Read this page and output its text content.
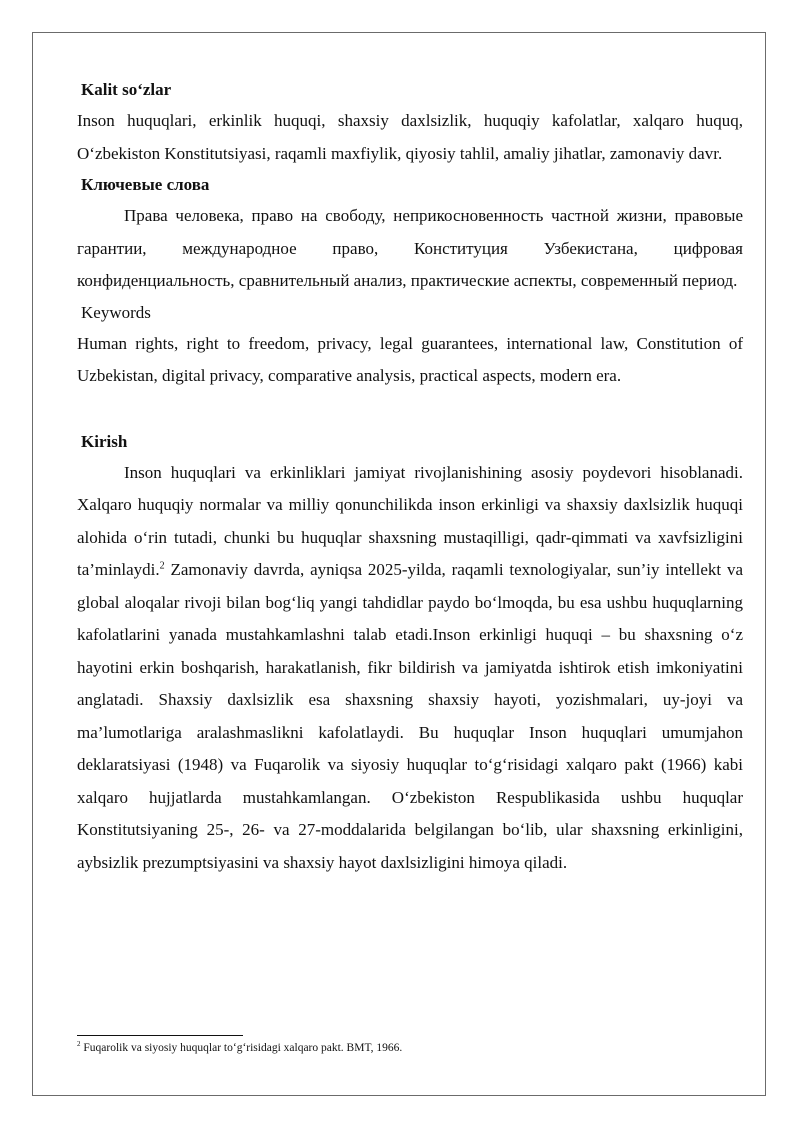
Kalit so‘zlar

Inson huquqlari, erkinlik huquqi, shaxsiy daxlsizlik, huquqiy kafolatlar, xalqaro huquq, O‘zbekiston Konstitutsiyasi, raqamli maxfiylik, qiyosiy tahlil, amaliy jihatlar, zamonaviy davr.

Ключевые слова

Права человека, право на свободу, неприкосновенность частной жизни, правовые гарантии, международное право, Конституция Узбекистана, цифровая конфиденциальность, сравнительный анализ, практические аспекты, современный период.

Keywords

Human rights, right to freedom, privacy, legal guarantees, international law, Constitution of Uzbekistan, digital privacy, comparative analysis, practical aspects, modern era.

Kirish

Inson huquqlari va erkinliklari jamiyat rivojlanishining asosiy poydevori hisoblanadi. Xalqaro huquqiy normalar va milliy qonunchilikda inson erkinligi va shaxsiy daxlsizlik huquqi alohida o‘rin tutadi, chunki bu huquqlar shaxsning mustaqilligi, qadr-qimmati va xavfsizligini ta’minlaydi.$^2$ Zamonaviy davrda, ayniqsa 2025-yilda, raqamli texnologiyalar, sun’iy intellekt va global aloqalar rivoji bilan bog‘liq yangi tahdidlar paydo bo‘lmoqda, bu esa ushbu huquqlarning kafolatlarini yanada mustahkamlashni talab etadi.Inson erkinligi huquqi – bu shaxsning o‘z hayotini erkin boshqarish, harakatlanish, fikr bildirish va jamiyatda ishtirok etish imkoniyatini anglatadi. Shaxsiy daxlsizlik esa shaxsning shaxsiy hayoti, yozishmalari, uy-joyi va ma’lumotlariga aralashmaslikni kafolatlaydi. Bu huquqlar Inson huquqlari umumjahon deklaratsiyasi (1948) va Fuqarolik va siyosiy huquqlar to‘g‘risidagi xalqaro pakt (1966) kabi xalqaro hujjatlarda mustahkamlangan. O‘zbekiston Respublikasida ushbu huquqlar Konstitutsiyaning 25-, 26- va 27-moddalarida belgilangan bo‘lib, ular shaxsning erkinligini, aybsizlik prezumptsiyasini va shaxsiy hayot daxlsizligini himoya qiladi.

$^2$ Fuqarolik va siyosiy huquqlar to‘g‘risidagi xalqaro pakt. BMT, 1966.
